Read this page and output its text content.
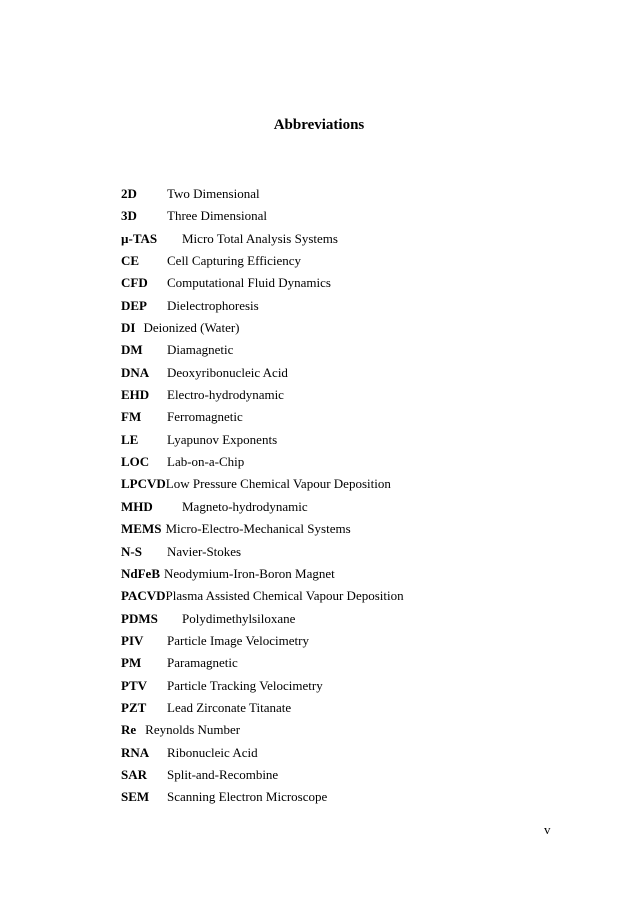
Abbreviations
2D Two Dimensional
3D Three Dimensional
µ-TAS Micro Total Analysis Systems
CE Cell Capturing Efficiency
CFD Computational Fluid Dynamics
DEP Dielectrophoresis
DI Deionized (Water)
DM Diamagnetic
DNA Deoxyribonucleic Acid
EHD Electro-hydrodynamic
FM Ferromagnetic
LE Lyapunov Exponents
LOC Lab-on-a-Chip
LPCVDLow Pressure Chemical Vapour Deposition
MHD Magneto-hydrodynamic
MEMS Micro-Electro-Mechanical Systems
N-S Navier-Stokes
NdFeB Neodymium-Iron-Boron Magnet
PACVDPlasma Assisted Chemical Vapour Deposition
PDMS Polydimethylsiloxane
PIV Particle Image Velocimetry
PM Paramagnetic
PTV Particle Tracking Velocimetry
PZT Lead Zirconate Titanate
Re Reynolds Number
RNA Ribonucleic Acid
SAR Split-and-Recombine
SEM Scanning Electron Microscope
v
